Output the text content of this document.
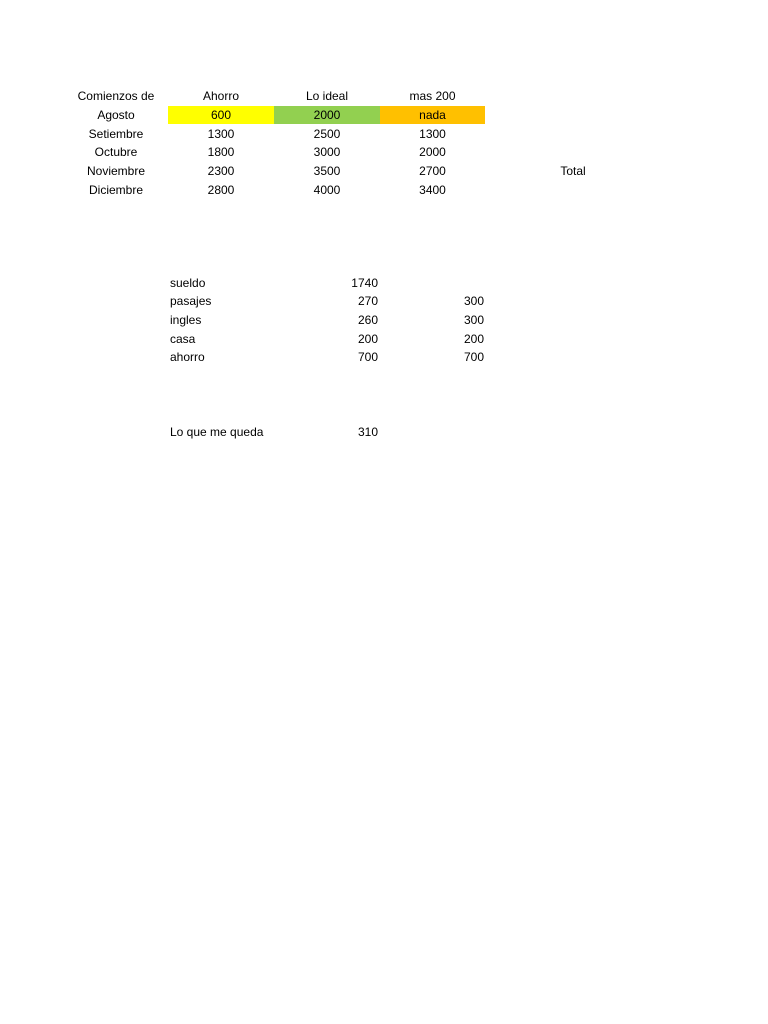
Comienzos de	Ahorro	Lo ideal	mas 200
Agosto	600	2000	nada
Setiembre	1300	2500	1300
Octubre	1800	3000	2000
Noviembre	2300	3500	2700	Total
Diciembre	2800	4000	3400
sueldo	1740
pasajes	270	300
ingles	260	300
casa	200	200
ahorro	700	700
Lo que me queda	310
